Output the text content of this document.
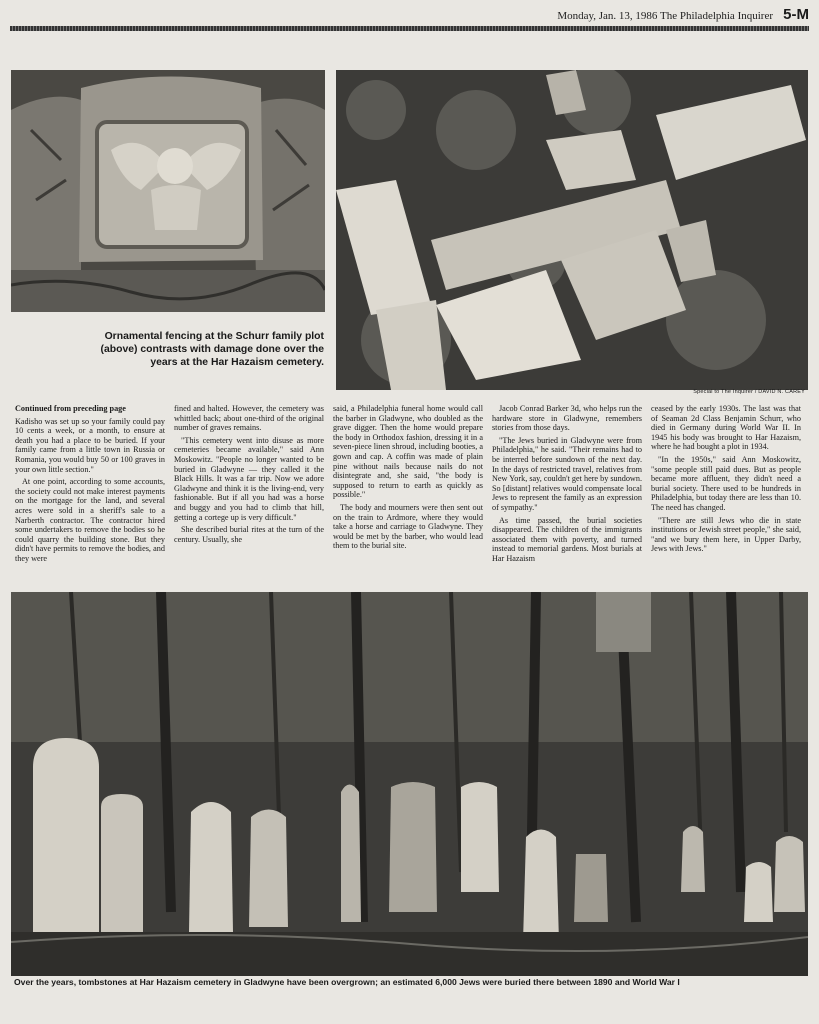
Monday, Jan. 13, 1986 The Philadelphia Inquirer 5-M
Ornamental fencing at the Schurr family plot (above) contrasts with damage done over the years at the Har Hazaism cemetery.
Special to The Inquirer / DAVID N. CAREY

Continued from preceding page

Kadisho was set up so your family could pay 10 cents a week, or a month, to ensure at death you had a place to be buried. If your family came from a little town in Russia or Romania, you would buy 50 or 100 graves in your own little section."

At one point, according to some accounts, the society could not make interest payments on the mortgage for the land, and several acres were sold in a sheriff's sale to a Narberth contractor. The contractor hired some undertakers to remove the bodies so he could quarry the building stone. But they didn't have permits to remove the bodies, and they were

fined and halted. However, the cemetery was whittled back; about one-third of the original number of graves remains.

"This cemetery went into disuse as more cemeteries became available," said Ann Moskowitz. "People no longer wanted to be buried in Gladwyne — they called it the Black Hills. It was a far trip. Now we adore Gladwyne and think it is the living-end, very fashionable. But if all you had was a horse and buggy and you had to climb that hill, getting a cortege up is very difficult."

She described burial rites at the turn of the century. Usually, she

said, a Philadelphia funeral home would call the barber in Gladwyne, who doubled as the grave digger. Then the home would prepare the body in Orthodox fashion, dressing it in a seven-piece linen shroud, including booties, a gown and cap. A coffin was made of plain pine without nails because nails do not disintegrate and, she said, "the body is supposed to return to earth as quickly as possible."

The body and mourners were then sent out on the train to Ardmore, where they would take a horse and carriage to Gladwyne. They would be met by the barber, who would lead them to the burial site.

Jacob Conrad Barker 3d, who helps run the hardware store in Gladwyne, remembers stories from those days.

"The Jews buried in Gladwyne were from Philadelphia," he said. "Their remains had to be interred before sundown of the next day. In the days of restricted travel, relatives from New York, say, couldn't get here by sundown. So [distant] relatives would compensate local Jews to represent the family as an expression of sympathy."

As time passed, the burial societies disappeared. The children of the immigrants associated them with poverty, and turned instead to memorial gardens. Most burials at Har Hazaism

ceased by the early 1930s. The last was that of Seaman 2d Class Benjamin Schurr, who died in Germany during World War II. In 1945 his body was brought to Har Hazaism, where he had bought a plot in 1934.

"In the 1950s," said Ann Moskowitz, "some people still paid dues. But as people became more affluent, they didn't need a burial society. There used to be hundreds in Philadelphia, but today there are less than 10. The need has changed.

"There are still Jews who die in state institutions or Jewish street people," she said, "and we bury them here, in Upper Darby, Jews with Jews."

Over the years, tombstones at Har Hazaism cemetery in Gladwyne have been overgrown; an estimated 6,000 Jews were buried there between 1890 and World War I
